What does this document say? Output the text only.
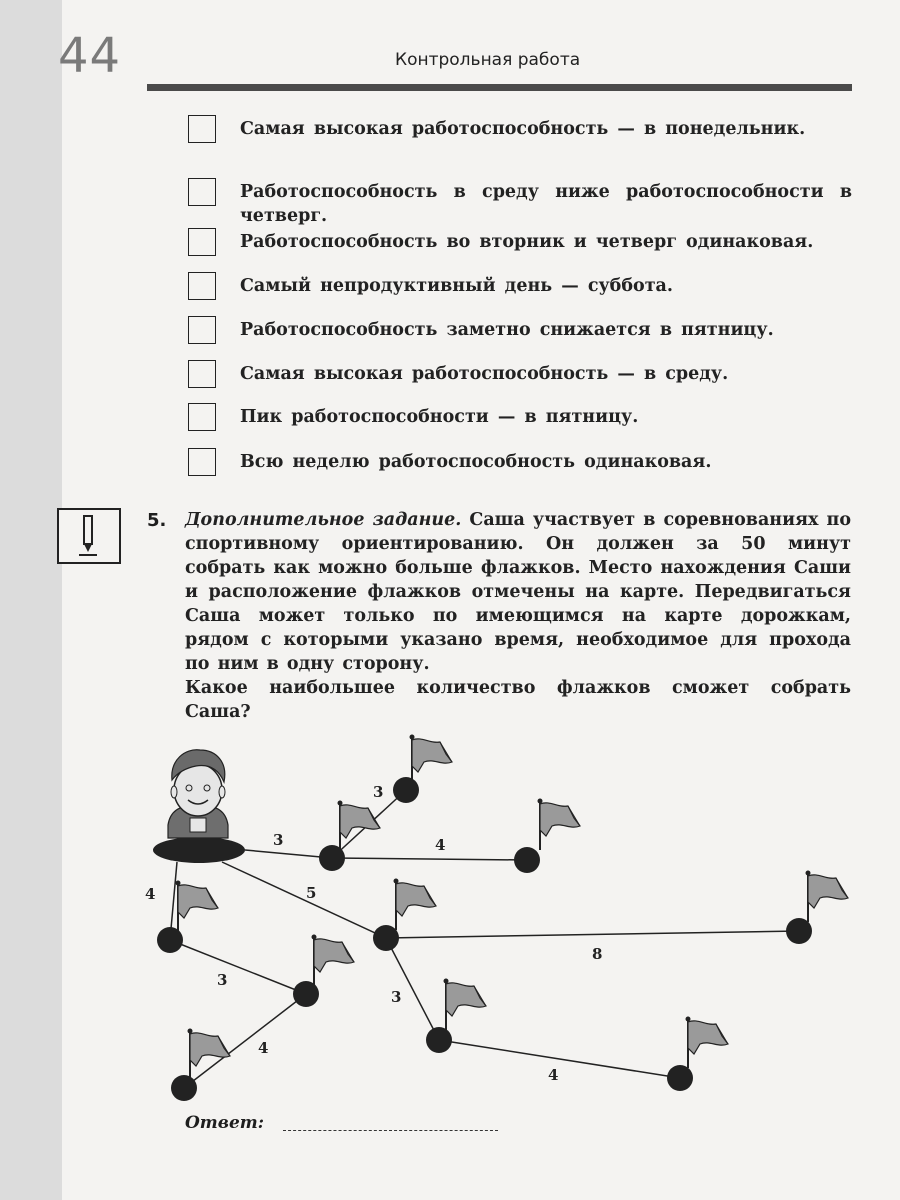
44	Контрольная работа
Самая высокая работоспособность — в понедельник.
Работоспособность в среду ниже работоспособности в четверг.
Работоспособность во вторник и четверг одинаковая.
Самый непродуктивный день — суббота.
Работоспособность заметно снижается в пятницу.
Самая высокая работоспособность — в среду.
Пик работоспособности — в пятницу.
Всю неделю работоспособность одинаковая.
5. Дополнительное задание. Саша участвует в соревнованиях по спортивному ориентированию. Он должен за 50 минут собрать как можно больше флажков. Место нахождения Саши и расположение флажков отмечены на карте. Передвигаться Саша может только по имеющимся на карте дорожкам, рядом с которыми указано время, необходимое для прохода по ним в одну сторону.
Какое наибольшее количество флажков сможет собрать Саша?
3
3	4
4	5
8
3
3
4
4
Ответ:
